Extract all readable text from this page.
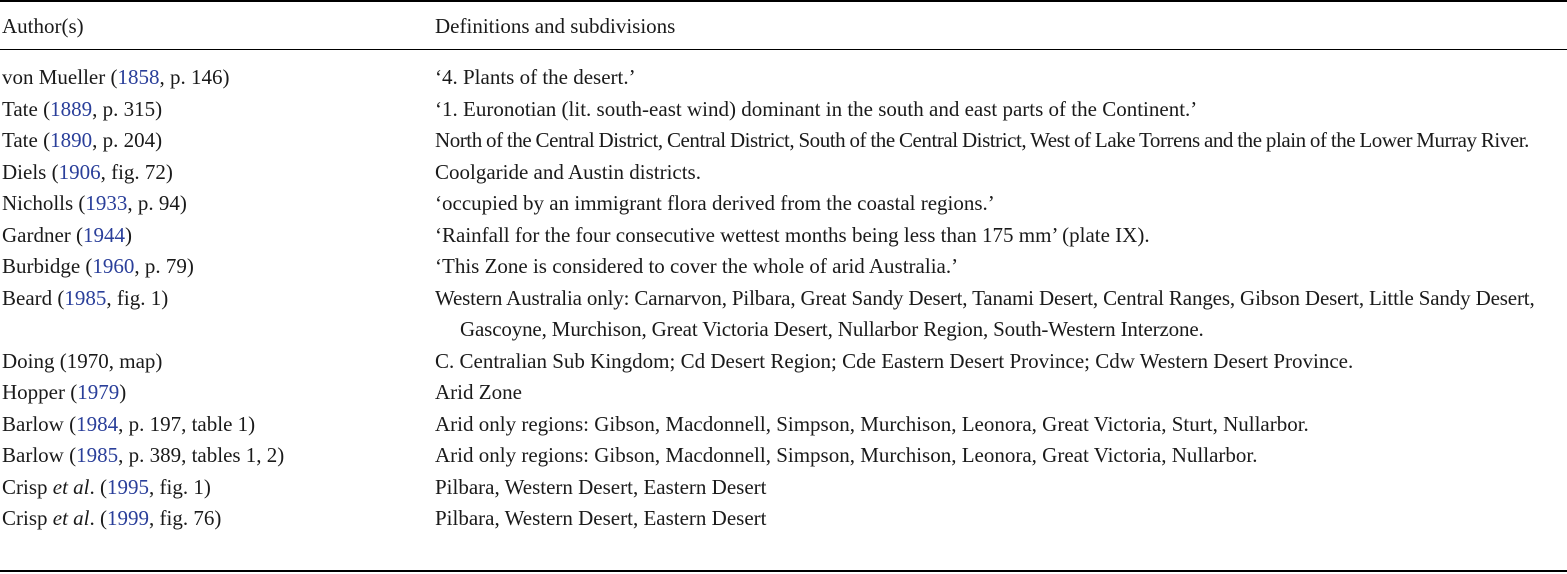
Author(s)	Definitions and subdivisions
von Mueller (1858, p. 146)	‘4. Plants of the desert.’
Tate (1889, p. 315)	‘1. Euronotian (lit. south-east wind) dominant in the south and east parts of the Continent.’
Tate (1890, p. 204)	North of the Central District, Central District, South of the Central District, West of Lake Torrens and the plain of the Lower Murray River.
Diels (1906, fig. 72)	Coolgaride and Austin districts.
Nicholls (1933, p. 94)	‘occupied by an immigrant flora derived from the coastal regions.’
Gardner (1944)	‘Rainfall for the four consecutive wettest months being less than 175 mm’ (plate IX).
Burbidge (1960, p. 79)	‘This Zone is considered to cover the whole of arid Australia.’
Beard (1985, fig. 1)	Western Australia only: Carnarvon, Pilbara, Great Sandy Desert, Tanami Desert, Central Ranges, Gibson Desert, Little Sandy Desert, Gascoyne, Murchison, Great Victoria Desert, Nullarbor Region, South-Western Interzone.
Doing (1970, map)	C. Centralian Sub Kingdom; Cd Desert Region; Cde Eastern Desert Province; Cdw Western Desert Province.
Hopper (1979)	Arid Zone
Barlow (1984, p. 197, table 1)	Arid only regions: Gibson, Macdonnell, Simpson, Murchison, Leonora, Great Victoria, Sturt, Nullarbor.
Barlow (1985, p. 389, tables 1, 2)	Arid only regions: Gibson, Macdonnell, Simpson, Murchison, Leonora, Great Victoria, Nullarbor.
Crisp et al. (1995, fig. 1)	Pilbara, Western Desert, Eastern Desert
Crisp et al. (1999, fig. 76)	Pilbara, Western Desert, Eastern Desert
